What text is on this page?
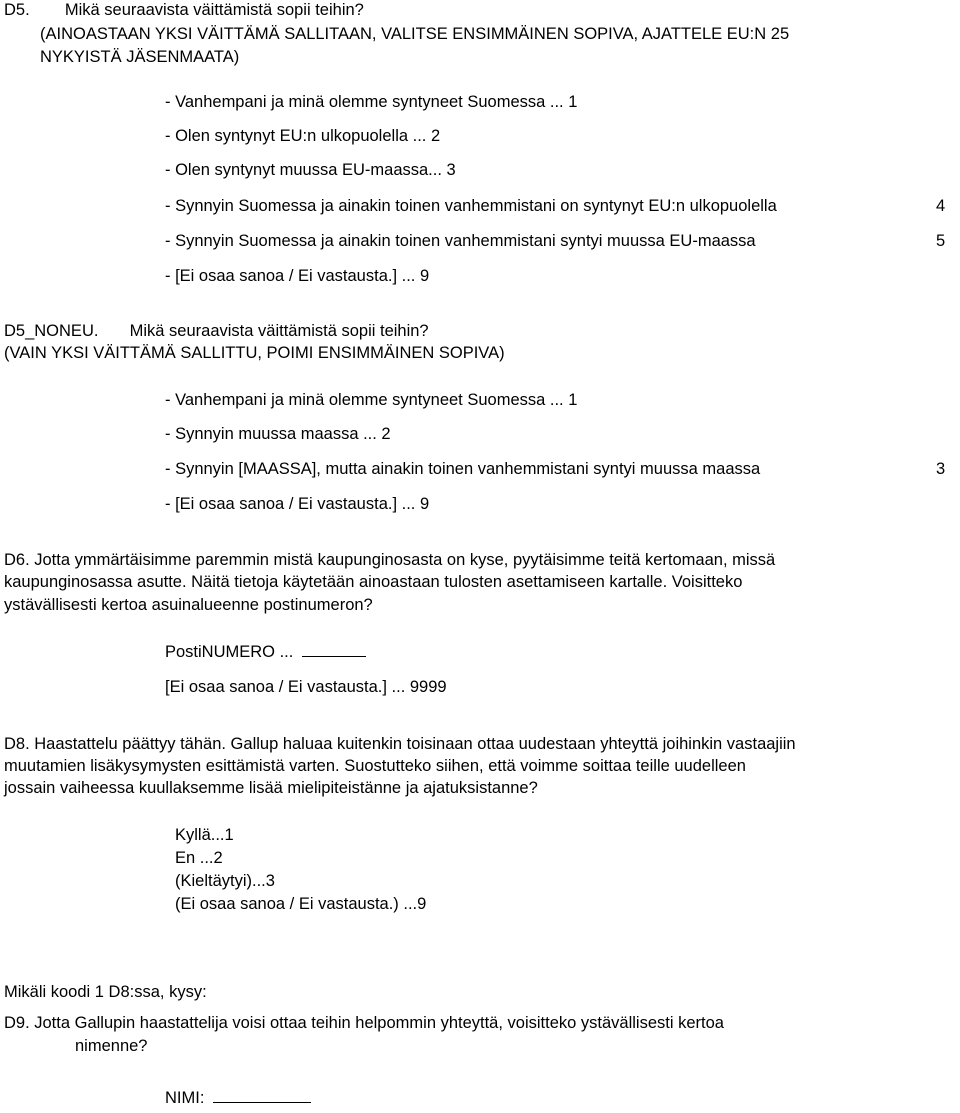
D5. Mikä seuraavista väittämistä sopii teihin?
(AINOASTAAN YKSI VÄITTÄMÄ SALLITAAN, VALITSE ENSIMMÄINEN SOPIVA, AJATTELE EU:N 25
NYKYISTÄ JÄSENMAATA)
- Vanhempani ja minä olemme syntyneet Suomessa ... 1
- Olen syntynyt EU:n ulkopuolella ... 2
- Olen syntynyt muussa EU-maassa... 3
- Synnyin Suomessa ja ainakin toinen vanhemmistani on syntynyt EU:n ulkopuolella	4
- Synnyin Suomessa ja ainakin toinen vanhemmistani syntyi muussa EU-maassa	5
- [Ei osaa sanoa / Ei vastausta.] ... 9
D5_NONEU. Mikä seuraavista väittämistä sopii teihin?
(VAIN YKSI VÄITTÄMÄ SALLITTU, POIMI ENSIMMÄINEN SOPIVA)
- Vanhempani ja minä olemme syntyneet Suomessa ... 1
- Synnyin muussa maassa ... 2
- Synnyin [MAASSA], mutta ainakin toinen vanhemmistani syntyi muussa maassa	3
- [Ei osaa sanoa / Ei vastausta.] ... 9
D6. Jotta ymmärtäisimme paremmin mistä kaupunginosasta on kyse, pyytäisimme teitä kertomaan, missä
kaupunginosassa asutte. Näitä tietoja käytetään ainoastaan tulosten asettamiseen kartalle. Voisitteko
ystävällisesti kertoa asuinalueenne postinumeron?
PostiNUMERO ...
[Ei osaa sanoa / Ei vastausta.] ... 9999
D8. Haastattelu päättyy tähän. Gallup haluaa kuitenkin toisinaan ottaa uudestaan yhteyttä joihinkin vastaajiin
muutamien lisäkysymysten esittämistä varten. Suostutteko siihen, että voimme soittaa teille uudelleen
jossain vaiheessa kuullaksemme lisää mielipiteistänne ja ajatuksistanne?
Kyllä...1
En ...2
(Kieltäytyi)...3
(Ei osaa sanoa / Ei vastausta.) ...9
Mikäli koodi 1 D8:ssa, kysy:
D9. Jotta Gallupin haastattelija voisi ottaa teihin helpommin yhteyttä, voisitteko ystävällisesti kertoa
nimenne?
NIMI:
